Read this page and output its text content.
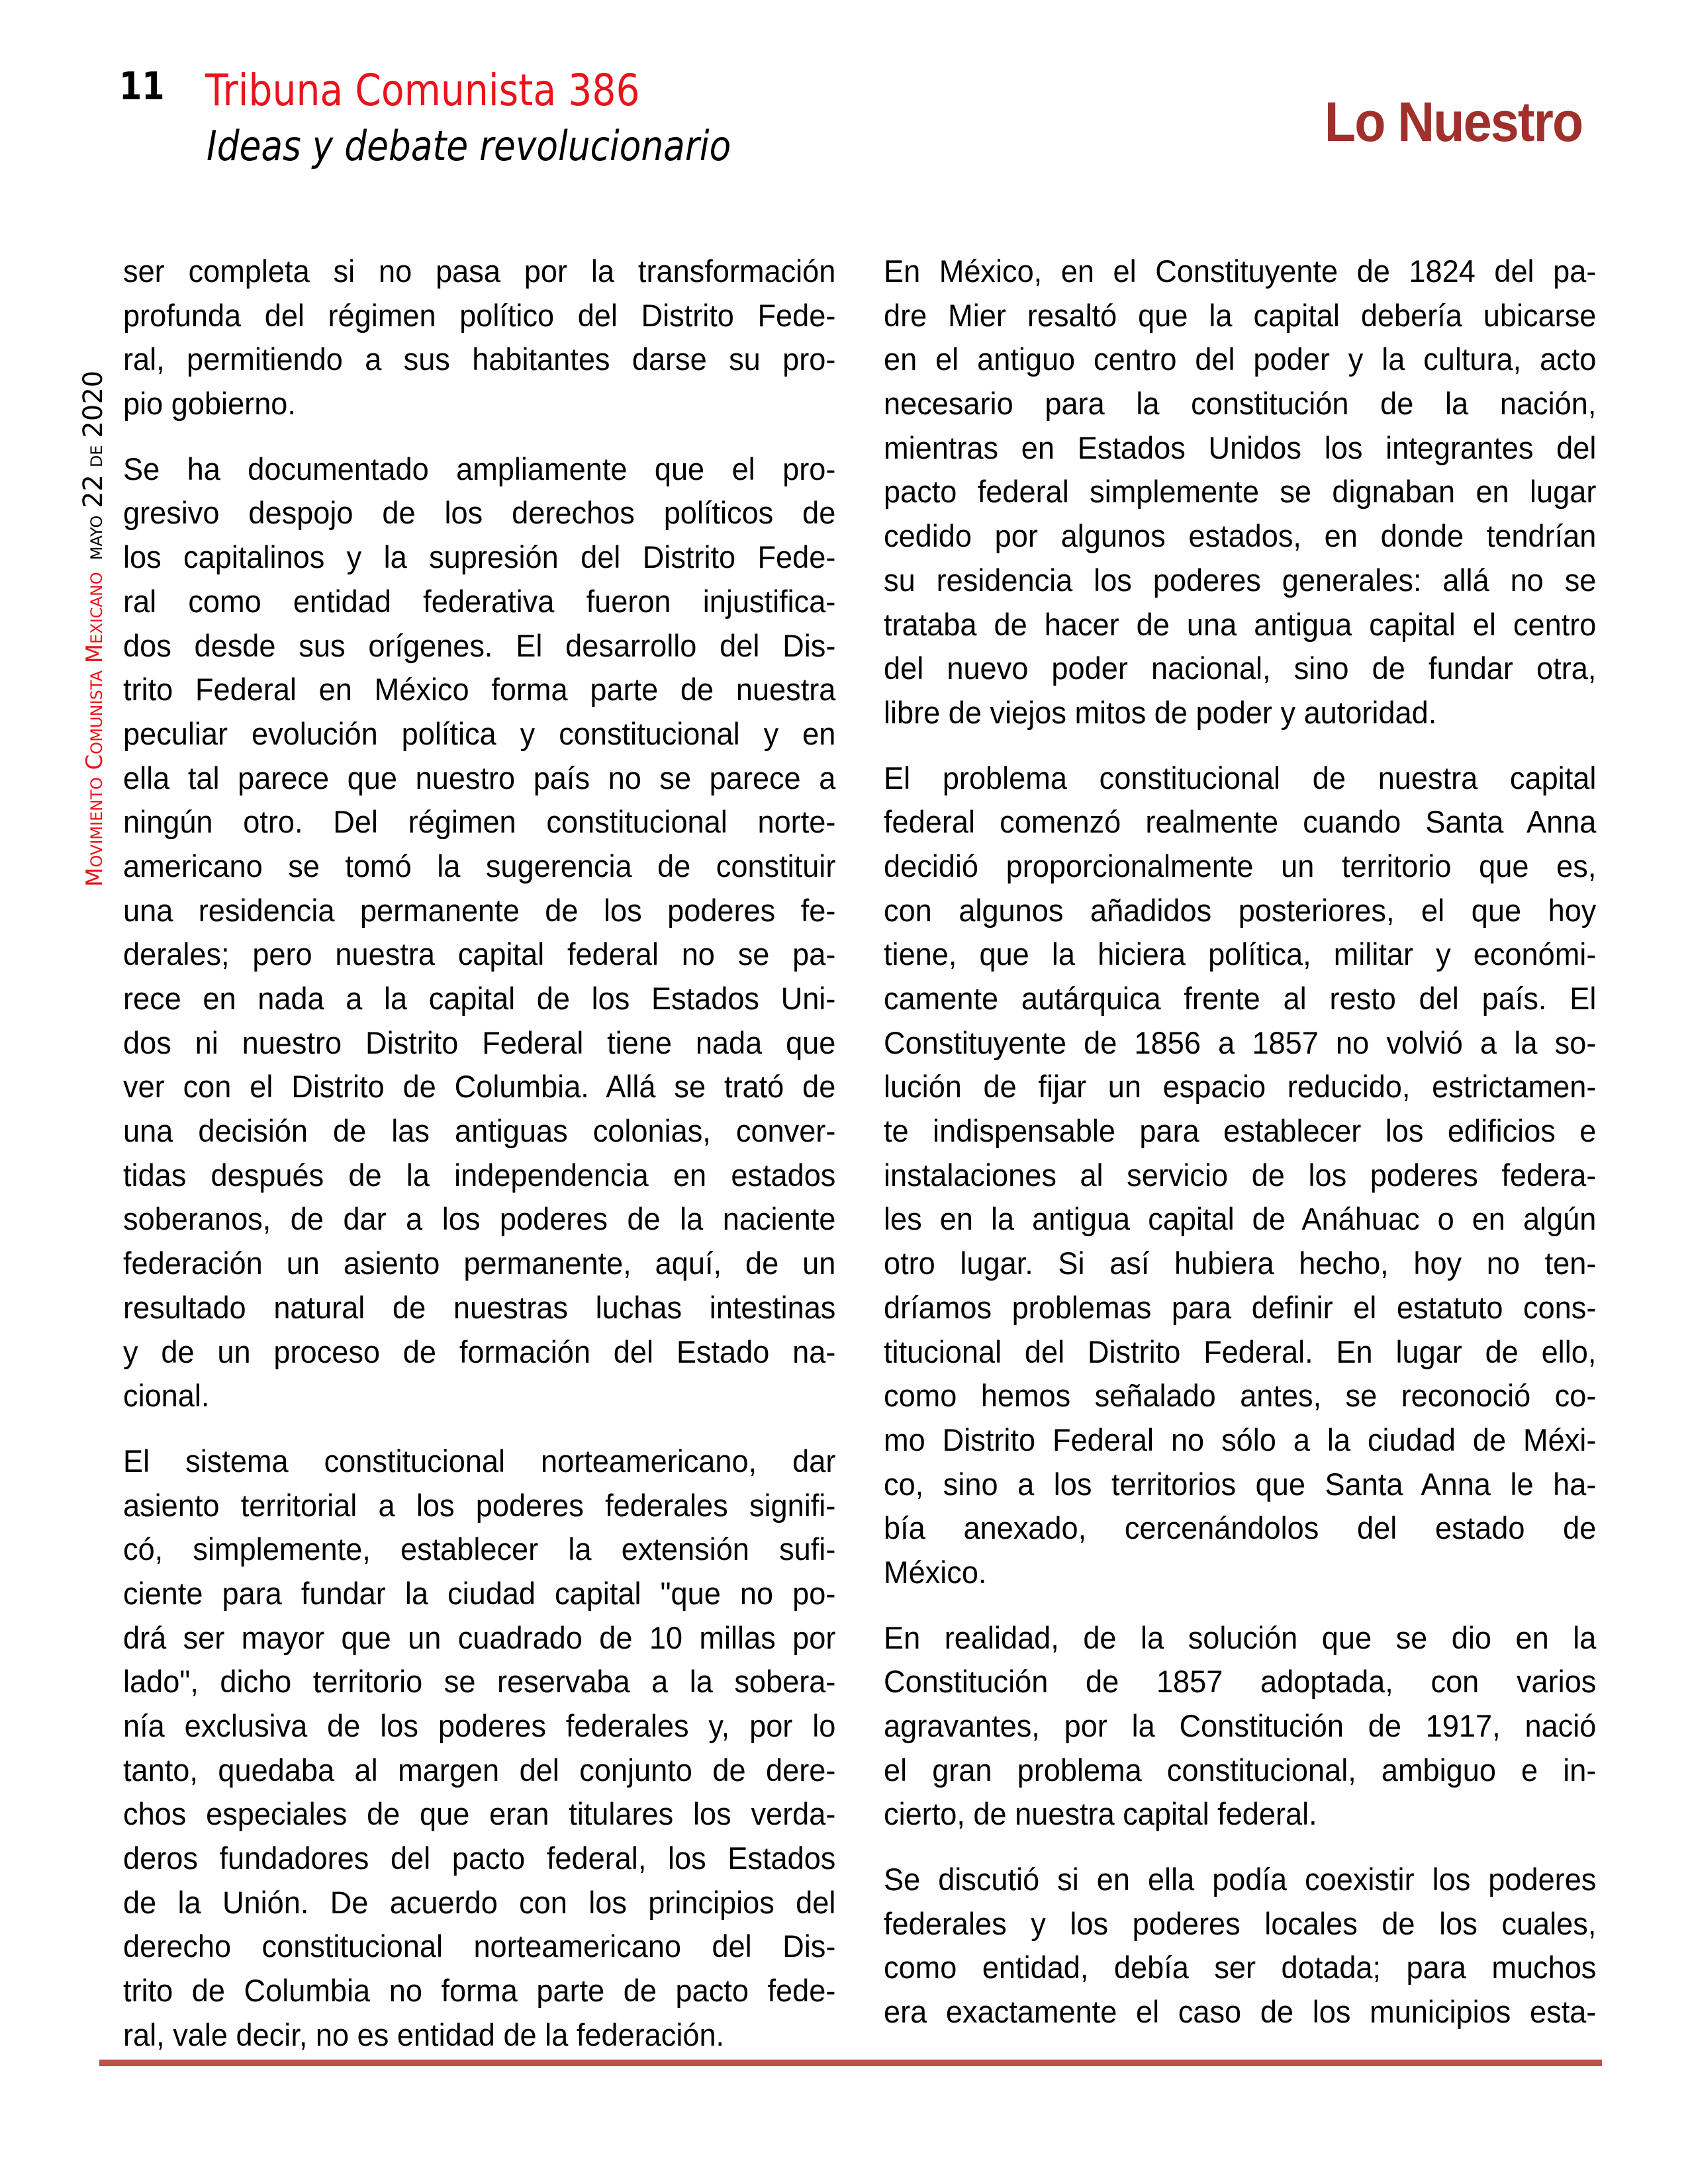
11 Tribuna Comunista 386
Ideas y debate revolucionario	Lo Nuestro
Movimiento Comunista Mexicanomayo 22 de 2020
ser completa si no pasa por la transformación
profunda del régimen político del Distrito Fede-
ral, permitiendo a sus habitantes darse su pro-
pio gobierno.
Se ha documentado ampliamente que el pro-
gresivo despojo de los derechos políticos de
los capitalinos y la supresión del Distrito Fede-
ral como entidad federativa fueron injustifica-
dos desde sus orígenes. El desarrollo del Dis-
trito Federal en México forma parte de nuestra
peculiar evolución política y constitucional y en
ella tal parece que nuestro país no se parece a
ningún otro. Del régimen constitucional norte-
americano se tomó la sugerencia de constituir
una residencia permanente de los poderes fe-
derales; pero nuestra capital federal no se pa-
rece en nada a la capital de los Estados Uni-
dos ni nuestro Distrito Federal tiene nada que
ver con el Distrito de Columbia. Allá se trató de
una decisión de las antiguas colonias, conver-
tidas después de la independencia en estados
soberanos, de dar a los poderes de la naciente
federación un asiento permanente, aquí, de un
resultado natural de nuestras luchas intestinas
y de un proceso de formación del Estado na-
cional.
El sistema constitucional norteamericano, dar
asiento territorial a los poderes federales signifi-
có, simplemente, establecer la extensión sufi-
ciente para fundar la ciudad capital "que no po-
drá ser mayor que un cuadrado de 10 millas por
lado", dicho territorio se reservaba a la sobera-
nía exclusiva de los poderes federales y, por lo
tanto, quedaba al margen del conjunto de dere-
chos especiales de que eran titulares los verda-
deros fundadores del pacto federal, los Estados
de la Unión. De acuerdo con los principios del
derecho constitucional norteamericano del Dis-
trito de Columbia no forma parte de pacto fede-
ral, vale decir, no es entidad de la federación.
En México, en el Constituyente de 1824 del pa-
dre Mier resaltó que la capital debería ubicarse
en el antiguo centro del poder y la cultura, acto
necesario para la constitución de la nación,
mientras en Estados Unidos los integrantes del
pacto federal simplemente se dignaban en lugar
cedido por algunos estados, en donde tendrían
su residencia los poderes generales: allá no se
trataba de hacer de una antigua capital el centro
del nuevo poder nacional, sino de fundar otra,
libre de viejos mitos de poder y autoridad.
El problema constitucional de nuestra capital
federal comenzó realmente cuando Santa Anna
decidió proporcionalmente un territorio que es,
con algunos añadidos posteriores, el que hoy
tiene, que la hiciera política, militar y económi-
camente autárquica frente al resto del país. El
Constituyente de 1856 a 1857 no volvió a la so-
lución de fijar un espacio reducido, estrictamen-
te indispensable para establecer los edificios e
instalaciones al servicio de los poderes federa-
les en la antigua capital de Anáhuac o en algún
otro lugar. Si así hubiera hecho, hoy no ten-
dríamos problemas para definir el estatuto cons-
titucional del Distrito Federal. En lugar de ello,
como hemos señalado antes, se reconoció co-
mo Distrito Federal no sólo a la ciudad de Méxi-
co, sino a los territorios que Santa Anna le ha-
bía anexado, cercenándolos del estado de
México.
En realidad, de la solución que se dio en la
Constitución de 1857 adoptada, con varios
agravantes, por la Constitución de 1917, nació
el gran problema constitucional, ambiguo e in-
cierto, de nuestra capital federal.
Se discutió si en ella podía coexistir los poderes
federales y los poderes locales de los cuales,
como entidad, debía ser dotada; para muchos
era exactamente el caso de los municipios esta-
